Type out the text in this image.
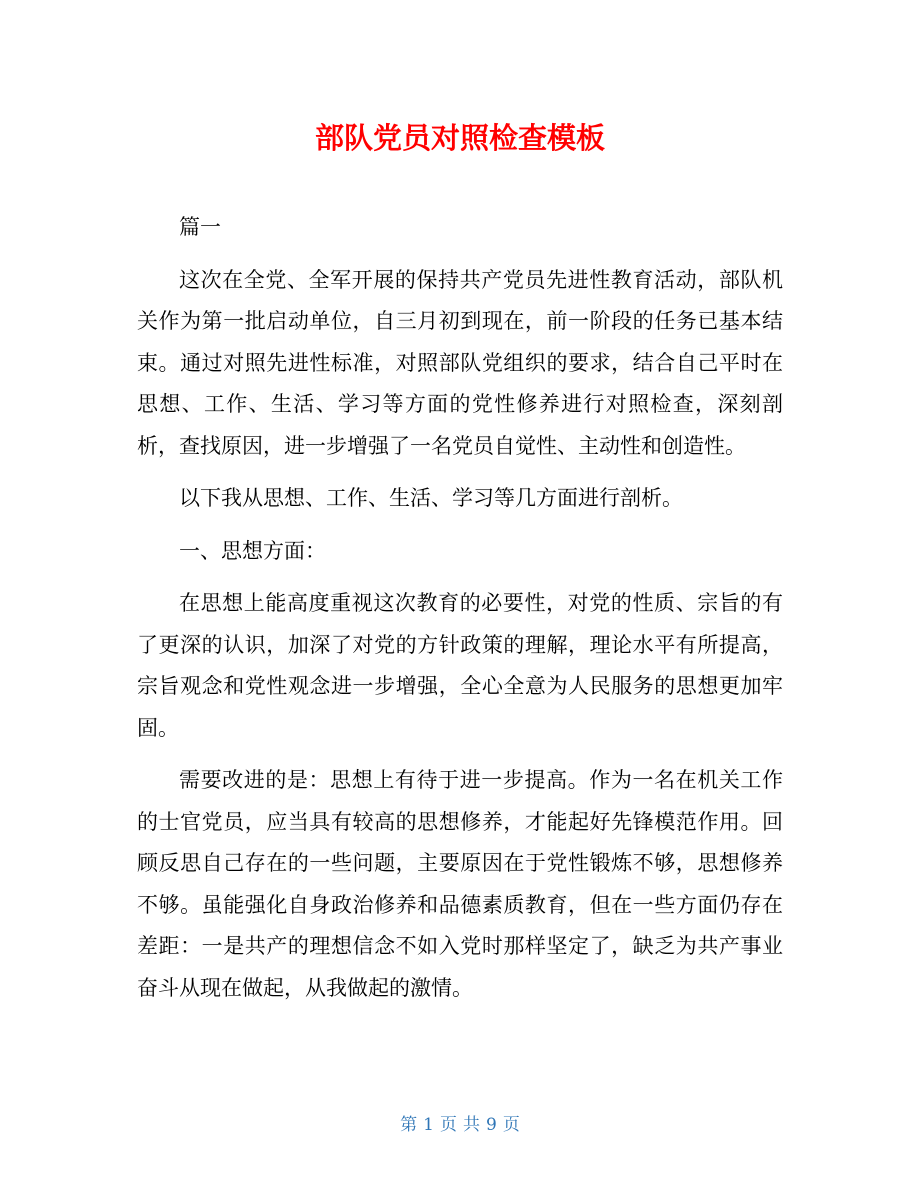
部队党员对照检查模板

篇一

这次在全党、全军开展的保持共产党员先进性教育活动，部队机关作为第一批启动单位，自三月初到现在，前一阶段的任务已基本结束。通过对照先进性标准，对照部队党组织的要求，结合自己平时在思想、工作、生活、学习等方面的党性修养进行对照检查，深刻剖析，查找原因，进一步增强了一名党员自觉性、主动性和创造性。

以下我从思想、工作、生活、学习等几方面进行剖析。

一、思想方面：

在思想上能高度重视这次教育的必要性，对党的性质、宗旨的有了更深的认识，加深了对党的方针政策的理解，理论水平有所提高，宗旨观念和党性观念进一步增强，全心全意为人民服务的思想更加牢固。

需要改进的是：思想上有待于进一步提高。作为一名在机关工作的士官党员，应当具有较高的思想修养，才能起好先锋模范作用。回顾反思自己存在的一些问题，主要原因在于党性锻炼不够，思想修养不够。虽能强化自身政治修养和品德素质教育，但在一些方面仍存在差距：一是共产的理想信念不如入党时那样坚定了，缺乏为共产事业奋斗从现在做起，从我做起的激情。

第 1 页 共 9 页
